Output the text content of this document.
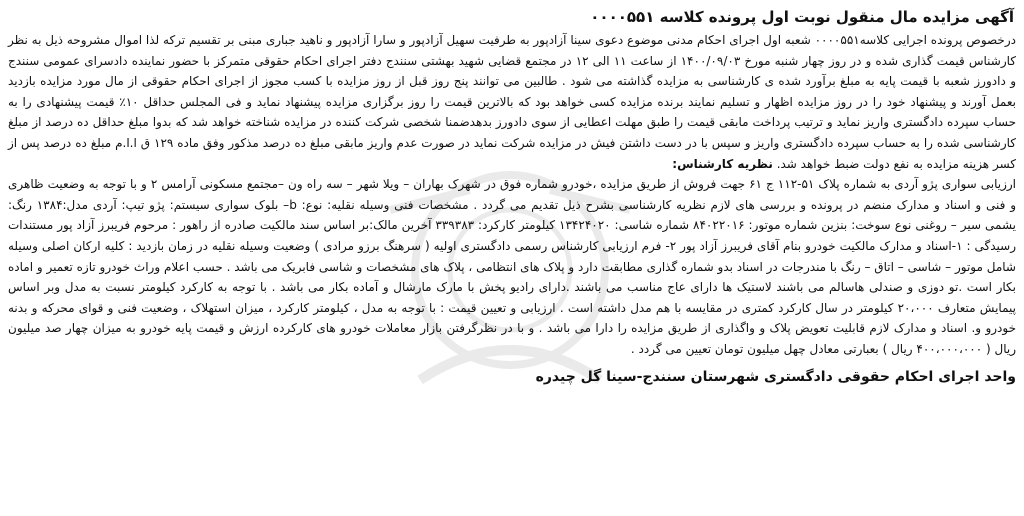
آگهی مزایده مال منقول نوبت اول پرونده کلاسه ۰۰۰۰۵۵۱

درخصوص پرونده اجرایی کلاسه۰۰۰۰۵۵۱ شعبه اول اجرای احکام مدنی موضوع دعوی سینا آزادپور به طرفیت سهیل آزادپور و سارا آزادپور و ناهید جباری مبنی بر تقسیم ترکه لذا اموال مشروحه ذیل به نظر کارشناس قیمت گذاری شده و در روز چهار شنبه مورخ ۱۴۰۰/۰۹/۰۳ از ساعت ۱۱ الی ۱۲ در مجتمع قضایی شهید بهشتی سنندج دفتر اجرای احکام حقوقی متمرکز با حضور نماینده دادسرای عمومی سنندج و دادورز شعبه با قیمت پایه به مبلغ برآورد شده ی کارشناسی به مزایده گذاشته می شود . طالبین می توانند پنج روز قبل از روز مزایده با کسب مجوز از اجرای احکام حقوقی از مال مورد مزایده بازدید بعمل آورند و پیشنهاد خود را در روز مزایده اظهار و تسلیم نمایند برنده مزایده کسی خواهد بود که بالاترین قیمت را روز برگزاری مزایده پیشنهاد نماید و فی المجلس حداقل ۱۰٪ قیمت پیشنهادی را به حساب سپرده دادگستری واریز نماید و ترتیب پرداخت مابقی قیمت را طبق مهلت اعطایی از سوی دادورز بدهدضمنا شخصی شرکت کننده در مزایده شناخته خواهد شد که بدوا مبلغ حداقل ده درصد از مبلغ کارشناسی شده را به حساب سپرده دادگستری واریز و سپس با در دست داشتن فیش در مزایده شرکت نماید در صورت عدم واریز مابقی مبلغ ده درصد مذکور وفق ماده ۱۲۹ ق ا.ا.م مبلغ ده درصد پس از کسر هزینه مزایده به نفع دولت ضبط خواهد شد. نظریه کارشناس:

ارزیابی سواری پژو آردی به شماره پلاک ۵۱-۱۱۲ ج ۶۱ جهت فروش از طریق مزایده ،خودرو شماره فوق در شهرک بهاران – ویلا شهر – سه راه ون –مجتمع مسکونی آرامس ۲ و با توجه به وضعیت ظاهری و فنی و اسناد و مدارک منضم در پرونده و بررسی های لازم نظریه کارشناسی بشرح ذیل تقدیم می گردد . مشخصات فنی وسیله نقلیه: نوع: b– بلوک سواری سیستم: پژو تیپ: آردی مدل:۱۳۸۴ رنگ: یشمی سیر – روغنی نوع سوخت: بنزین شماره موتور: ۸۴۰۲۲۰۱۶ شماره شاسی: ۱۳۴۲۴۰۲۰ کیلومتر کارکرد: ۳۳۹۳۸۳ آخرین مالک:بر اساس سند مالکیت صادره از راهور : مرحوم فریبرز آزاد پور مستندات رسیدگی : ۱-اسناد و مدارک مالکیت خودرو بنام آقای فریبرز آزاد پور ۲- فرم ارزیابی کارشناس رسمی دادگستری اولیه ( سرهنگ برزو مرادی ) وضعیت وسیله نقلیه در زمان بازدید : کلیه ارکان اصلی وسیله شامل موتور – شاسی – اتاق – رنگ با مندرجات در اسناد بدو شماره گذاری مطابقت دارد و پلاک های انتظامی ، پلاک های مشخصات و شاسی فابریک می باشد . حسب اعلام وراث خودرو تازه تعمیر و اماده بکار است .تو دوزی و صندلی هاسالم می باشند لاستیک ها دارای عاج مناسب می باشند .دارای رادیو پخش با مارک مارشال و آماده بکار می باشد . با توجه به کارکرد کیلومتر نسبت به مدل وبر اساس پیمایش متعارف ۲۰،۰۰۰ کیلومتر در سال کارکرد کمتری در مقایسه با هم مدل داشته است . ارزیابی و تعیین قیمت : با توجه به مدل ، کیلومتر کارکرد ، میزان استهلاک ، وضعیت فنی و قوای محرکه و بدنه خودرو و. اسناد و مدارک لازم قابلیت تعویض پلاک و واگذاری از طریق مزایده را دارا می باشد . و با در نظرگرفتن بازار معاملات خودرو های کارکرده ارزش و قیمت پایه خودرو به میزان چهار صد میلیون ریال ( ۴۰۰،۰۰۰،۰۰۰ ریال ) بعبارتی معادل چهل میلیون تومان تعیین می گردد .

واحد اجرای احکام حقوقی دادگستری شهرستان سنندج-سینا گل چیدره
